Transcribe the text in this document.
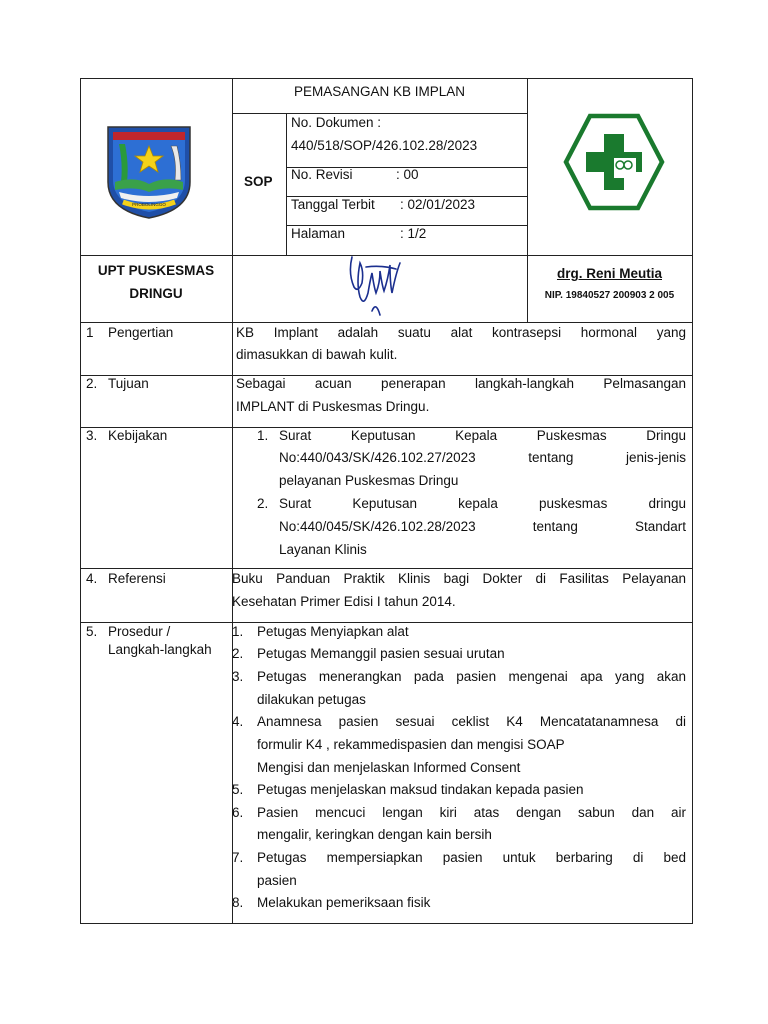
PROBOLINGGO
PEMASANGAN KB IMPLAN
SOP
No. Dokumen :
440/518/SOP/426.102.28/2023
No. Revisi	: 00
Tanggal Terbit : 02/01/2023
Halaman	: 1/2
UPT PUSKESMAS
DRINGU
drg. Reni Meutia
NIP. 19840527 200903 2 005
1 Pengertian	KB Implant adalah suatu alat kontrasepsi hormonal yang
dimasukkan di bawah kulit.
2. Tujuan	Sebagai acuan penerapan langkah-langkah Pelmasangan
IMPLANT di Puskesmas Dringu.
3. Kebijakan	1. Surat Keputusan Kepala Puskesmas Dringu
No:440/043/SK/426.102.27/2023 tentang jenis-jenis
pelayanan Puskesmas Dringu
2. Surat Keputusan kepala puskesmas dringu
No:440/045/SK/426.102.28/2023 tentang Standart
Layanan Klinis
4. Referensi	Buku Panduan Praktik Klinis bagi Dokter di Fasilitas Pelayanan
Kesehatan Primer Edisi I tahun 2014.
5. Prosedur /
Langkah-langkah
1. Petugas Menyiapkan alat
2. Petugas Memanggil pasien sesuai urutan
3. Petugas menerangkan pada pasien mengenai apa yang akan
dilakukan petugas
4. Anamnesa pasien sesuai ceklist K4 Mencatatanamnesa di
formulir K4 , rekammedispasien dan mengisi SOAP
Mengisi dan menjelaskan Informed Consent
5. Petugas menjelaskan maksud tindakan kepada pasien
6. Pasien mencuci lengan kiri atas dengan sabun dan air
mengalir, keringkan dengan kain bersih
7. Petugas mempersiapkan pasien untuk berbaring di bed
pasien
8. Melakukan pemeriksaan fisik
